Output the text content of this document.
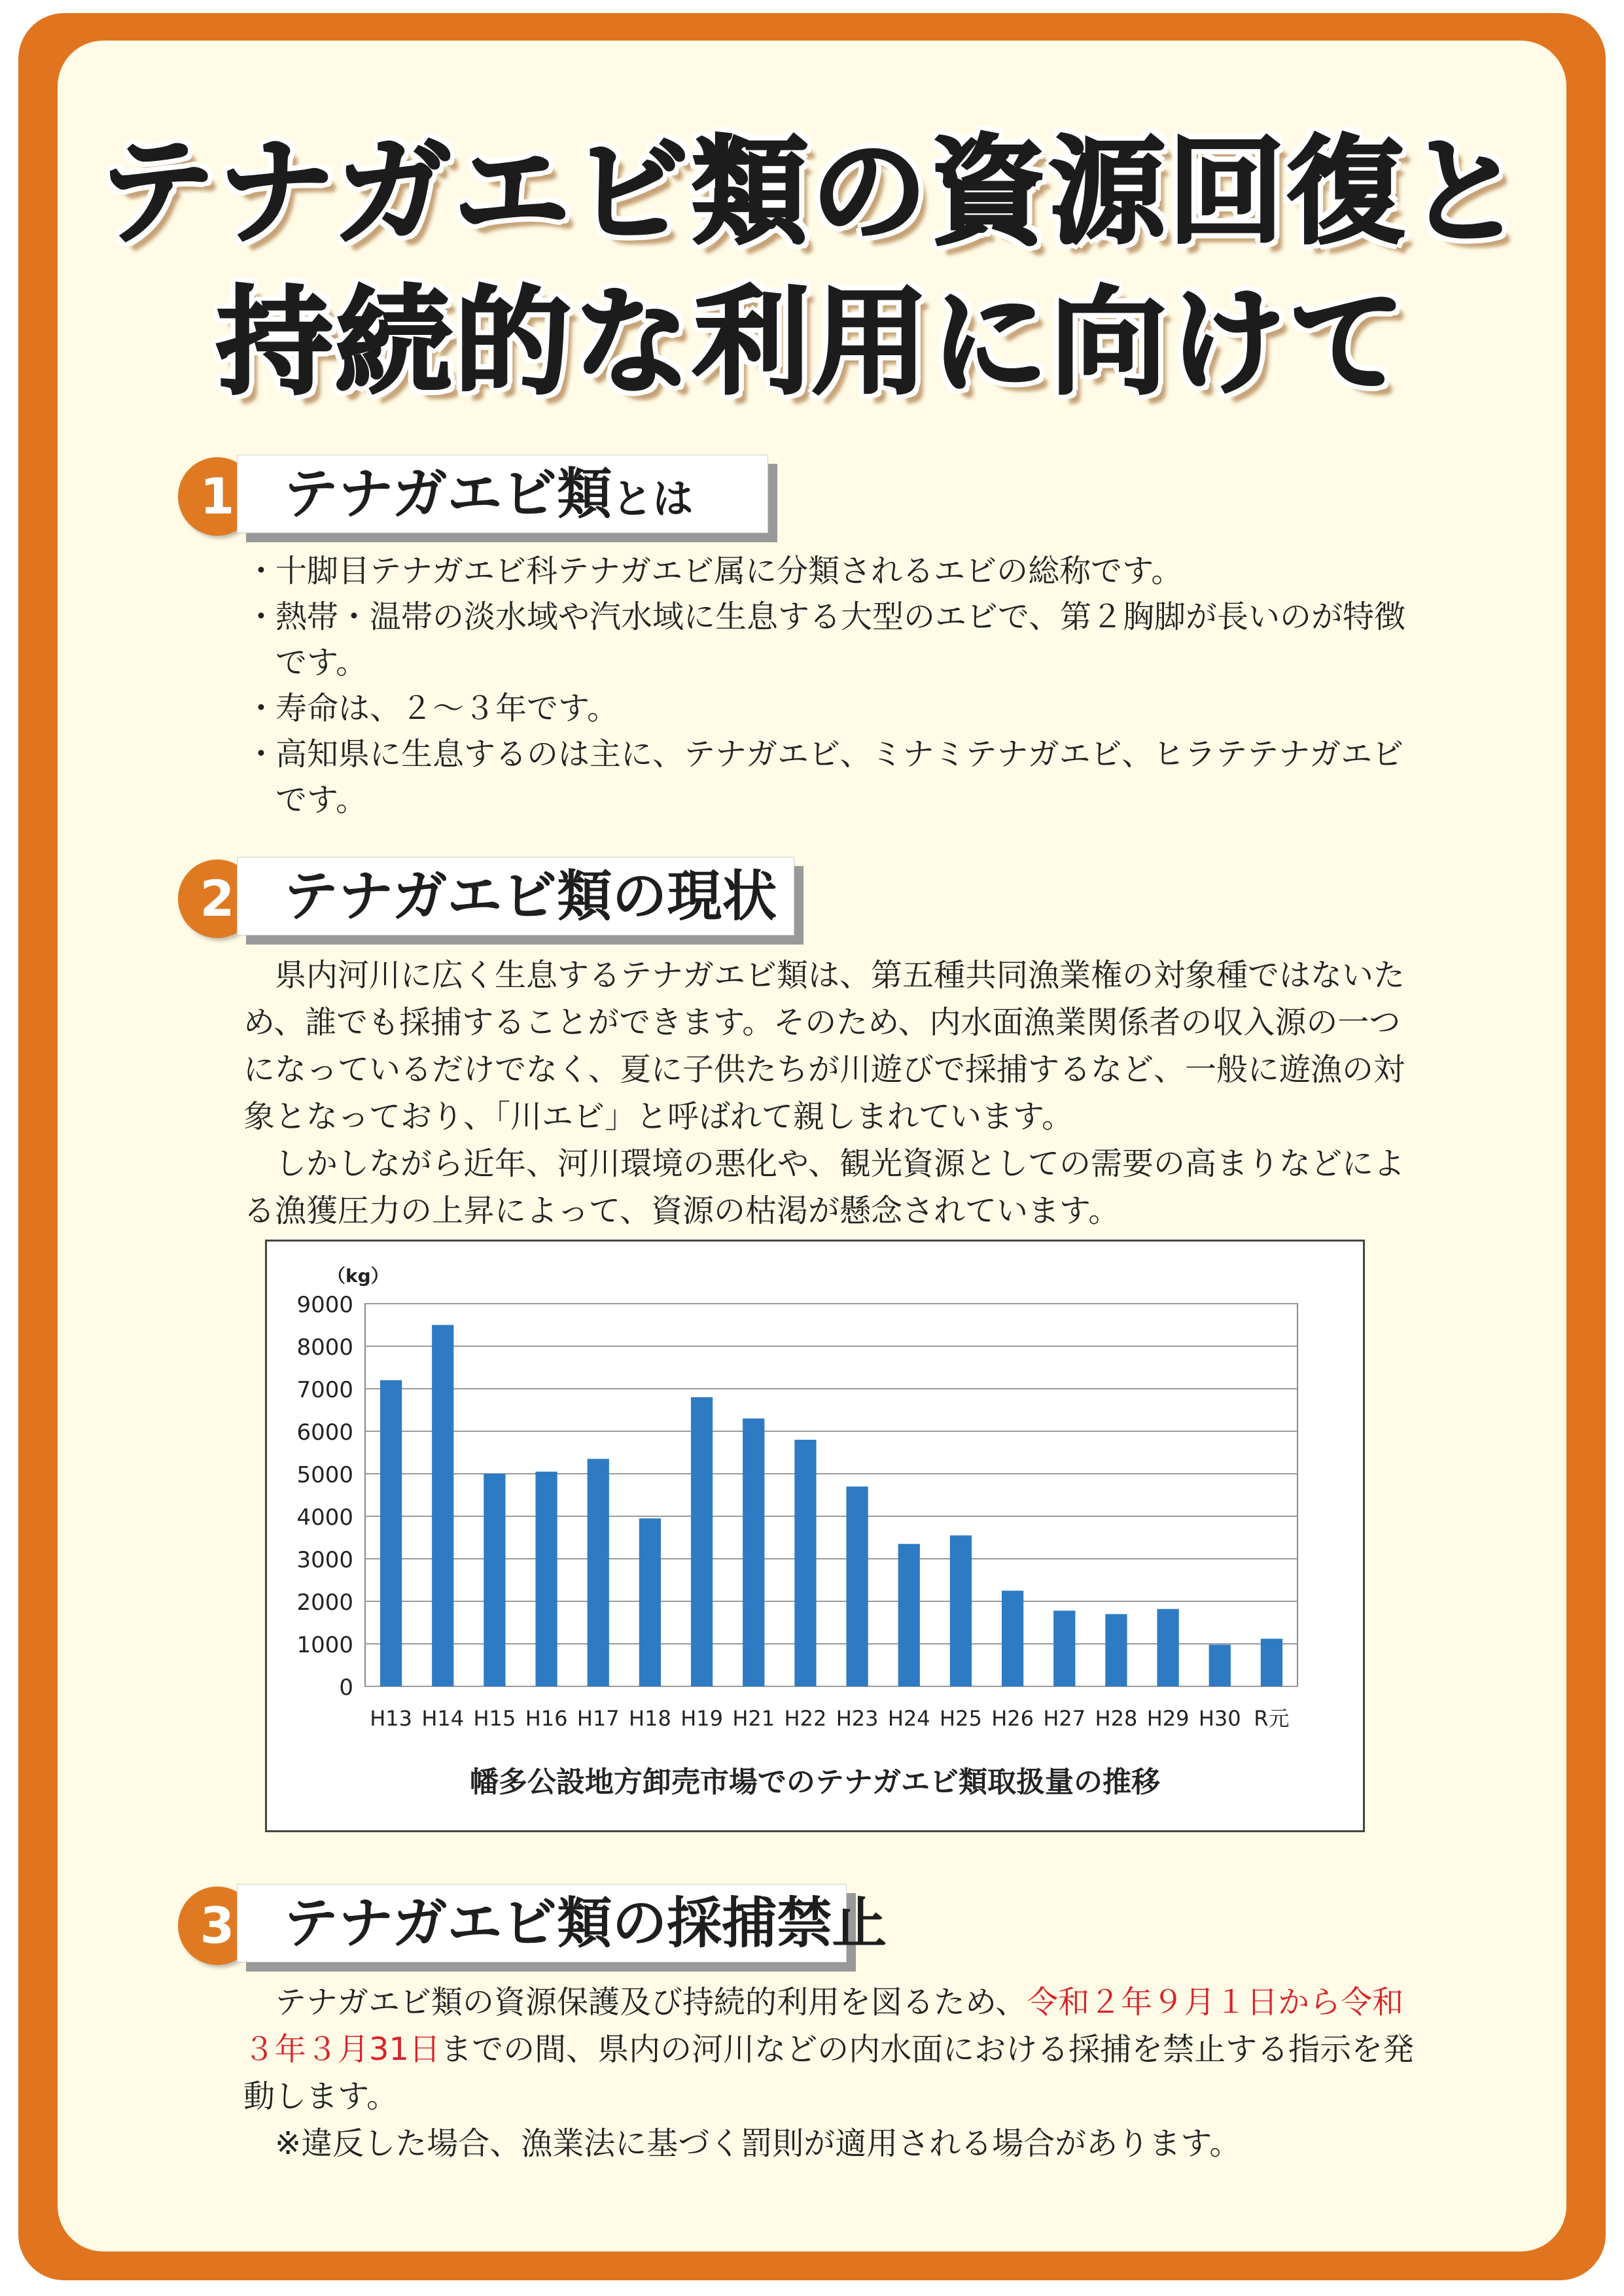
テナガエビ類の資源回復と
持続的な利用に向けて
1 テナガエビ類とは
・ 十脚目テナガエビ科テナガエビ属に分類されるエビの総称です。
・ 熱帯・温帯の淡水域や汽水域に生息する大型のエビで、第２胸脚が長いのが特徴です。
・ 寿命は、２～３年です。
・ 高知県に生息するのは主に、テナガエビ、ミナミテナガエビ、ヒラテテナガエビです。
2 テナガエビ類の現状

県内河川に広く生息するテナガエビ類は、第五種共同漁業権の対象種ではないため、誰でも採捕することができます。そのため、内水面漁業関係者の収入源の一つになっているだけでなく、夏に子供たちが川遊びで採捕するなど、一般に遊漁の対象となっており、「川エビ」と呼ばれて親しまれています。

しかしながら近年、河川環境の悪化や、観光資源としての需要の高まりなどによる漁獲圧力の上昇によって、資源の枯渇が懸念されています。

0
1000
2000
3000
4000
5000
6000
7000
8000
9000
（kg）
H13 H14 H15 H16 H17 H18 H19 H21 H22 H23 H24 H25 H26 H27 H28 H29 H30 R元
幡多公設地方卸売市場でのテナガエビ類取扱量の推移
3 テナガエビ類の採捕禁止

テナガエビ類の資源保護及び持続的利用を図るため、令和２年９月１日から令和３年３月31日までの間、県内の河川などの内水面における採捕を禁止する指示を発動します。

※違反した場合、漁業法に基づく罰則が適用される場合があります。
